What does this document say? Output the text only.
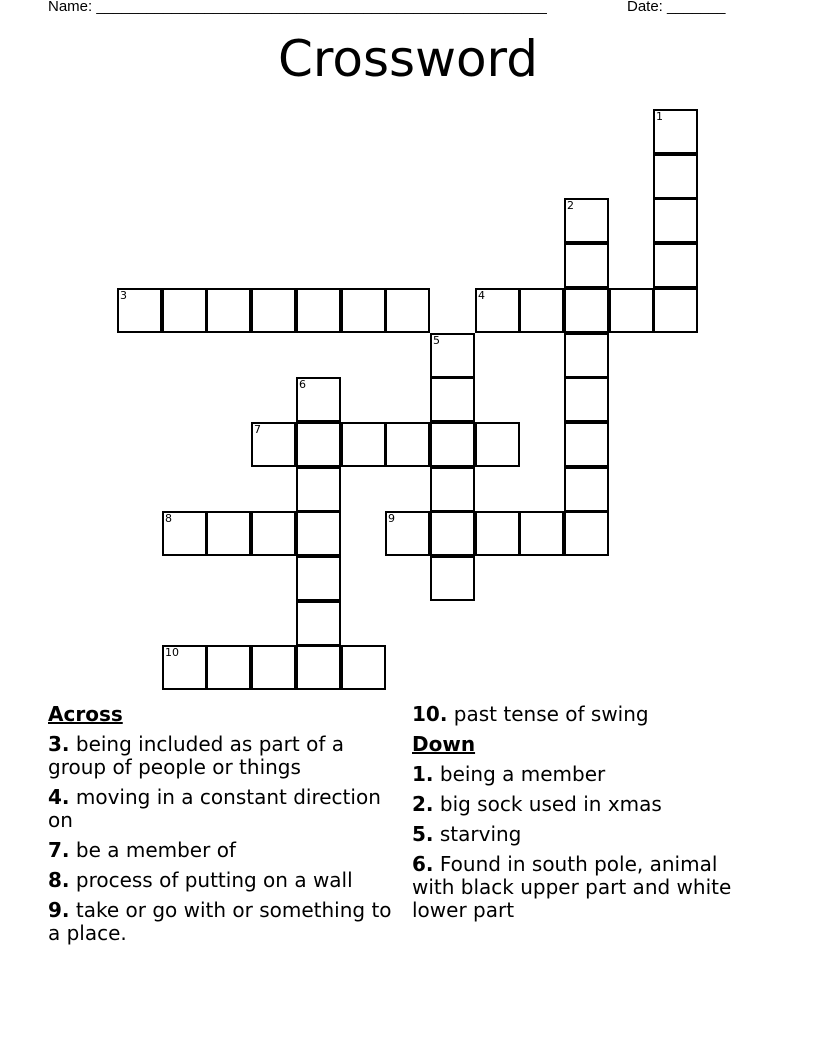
Name: ______________________________________________________	Date: _______
Crossword
1
2
3	4
5
6
7
8	9
10
Across
3. being included as part of a group of people or things
4. moving in a constant direction on
7. be a member of
8. process of putting on a wall
9. take or go with or something to a place.
10. past tense of swing
Down
1. being a member
2. big sock used in xmas
5. starving
6. Found in south pole, animal with black upper part and white lower part
